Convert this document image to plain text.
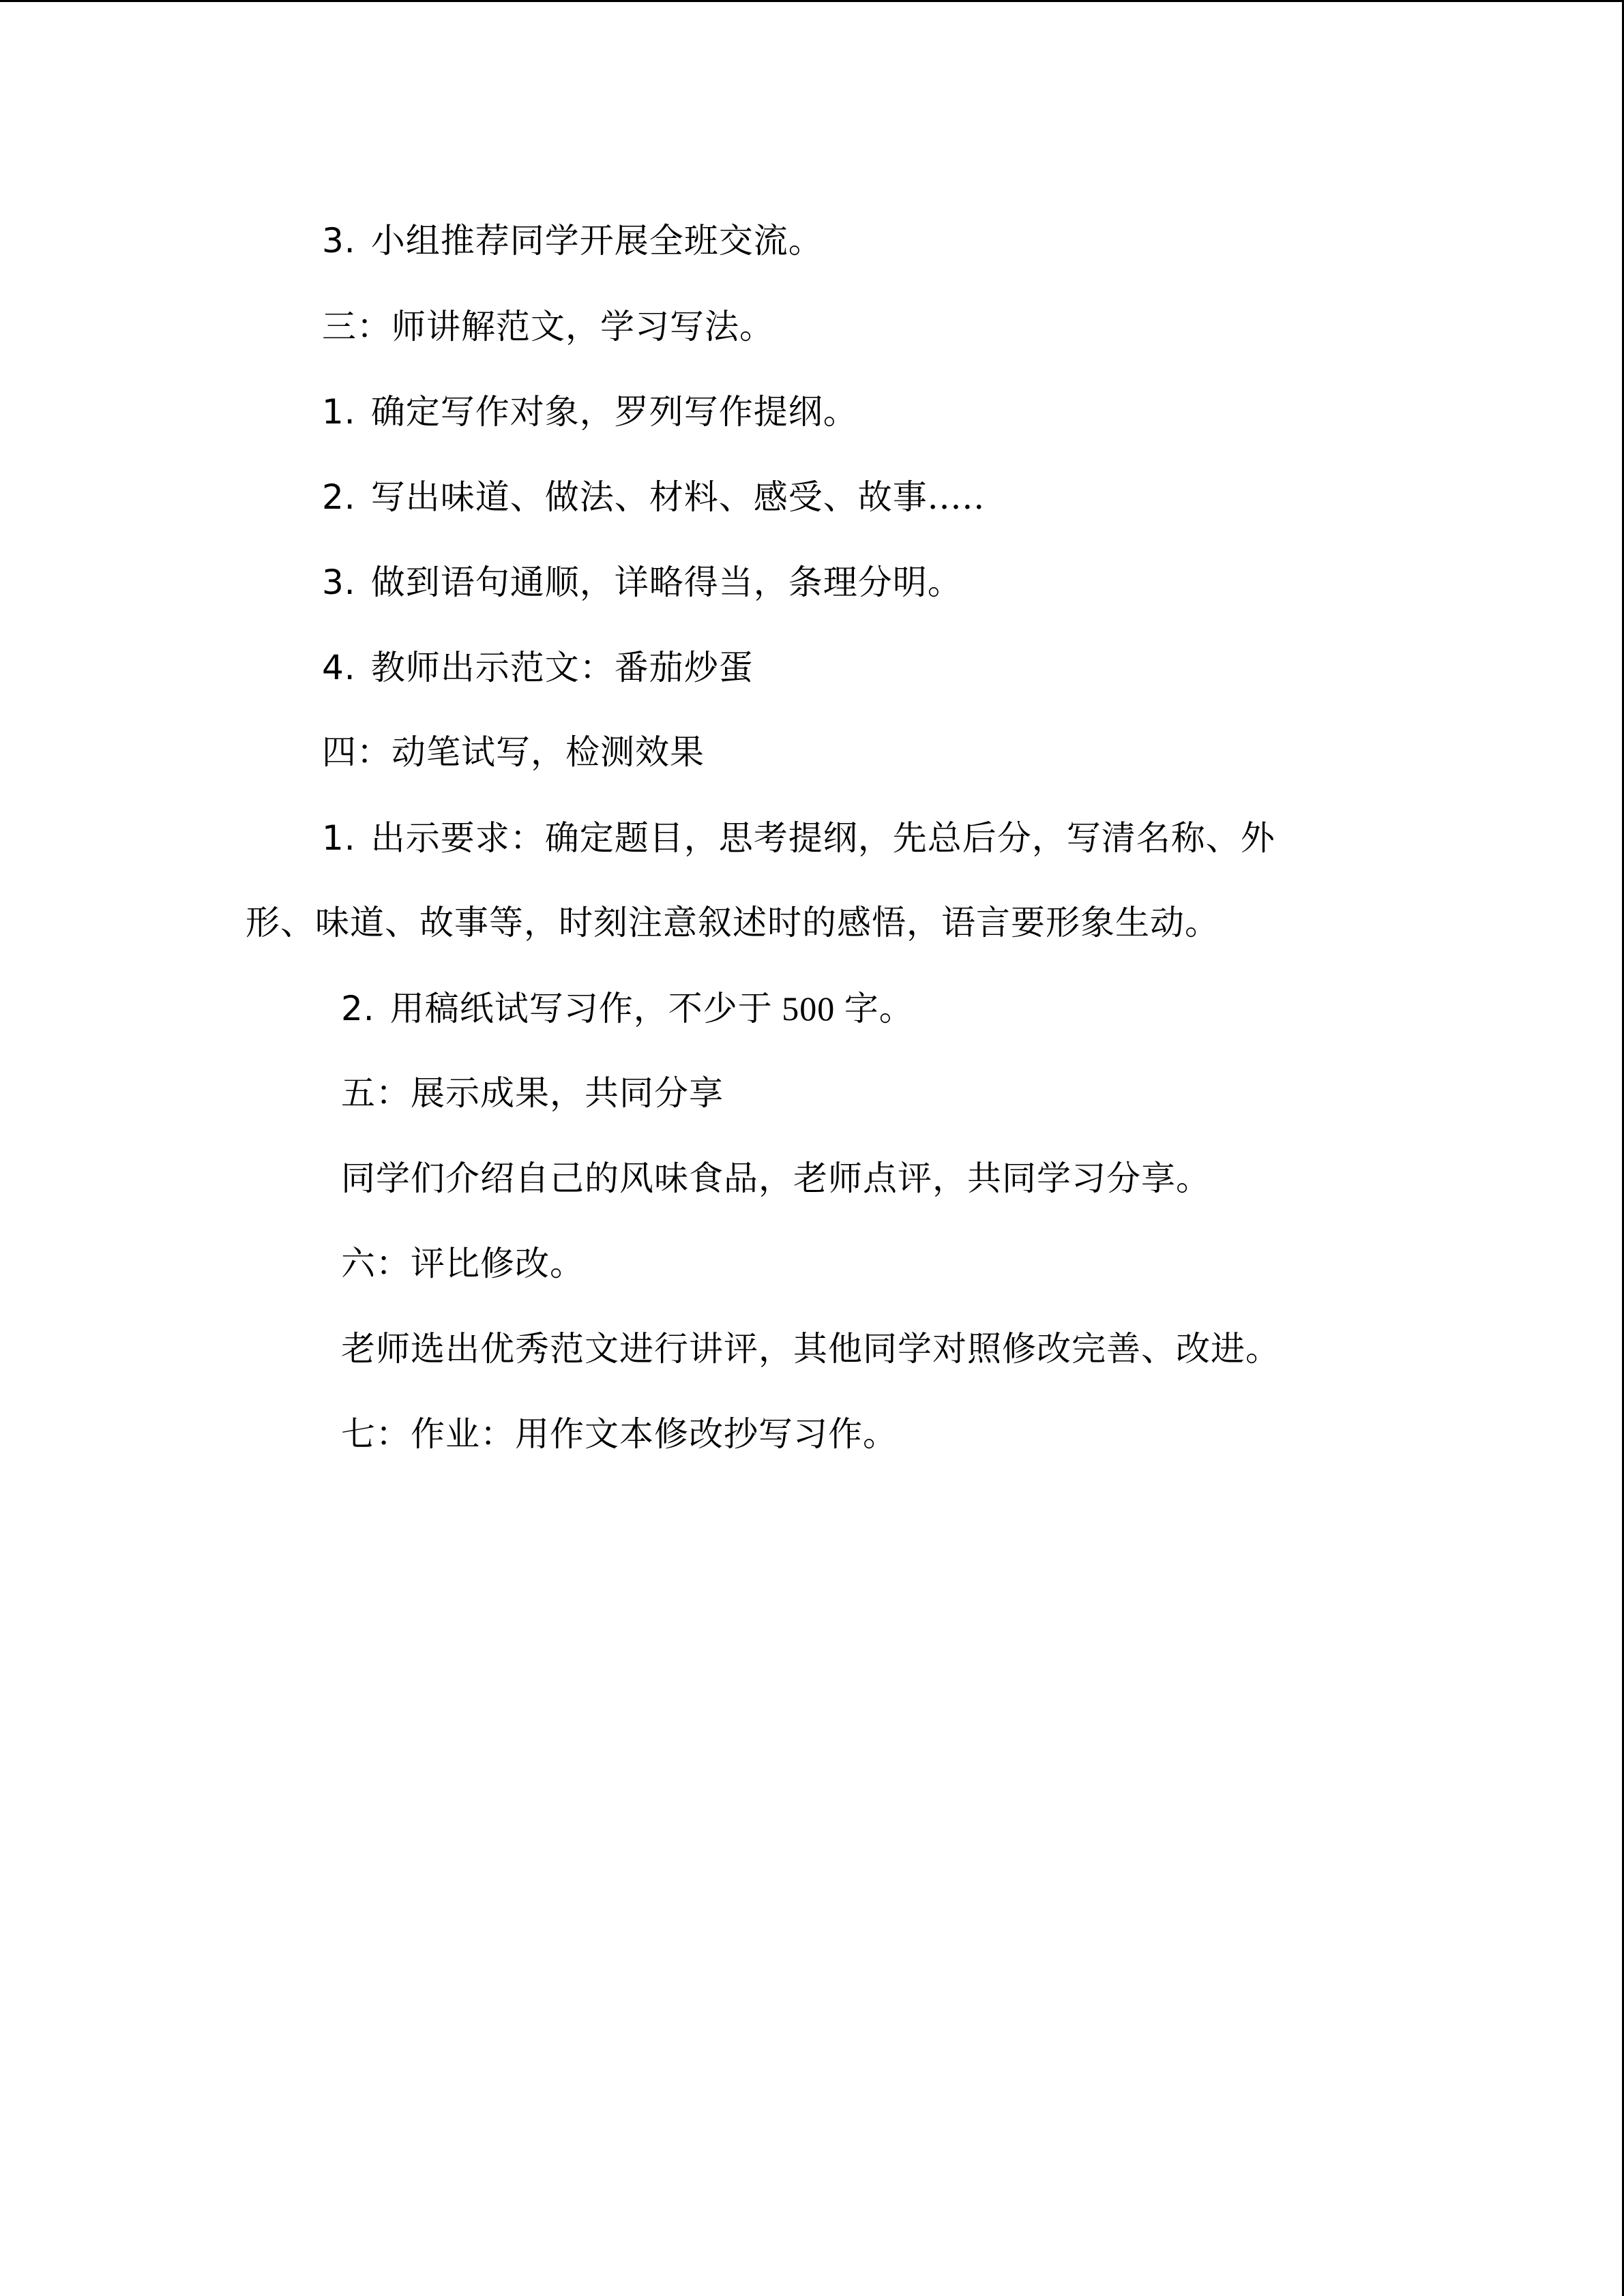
3. 小组推荐同学开展全班交流。
三：师讲解范文，学习写法。
1. 确定写作对象，罗列写作提纲。
2. 写出味道、做法、材料、感受、故事.....
3. 做到语句通顺，详略得当，条理分明。
4. 教师出示范文：番茄炒蛋
四：动笔试写，检测效果
1. 出示要求：确定题目，思考提纲，先总后分，写清名称、外
形、味道、故事等，时刻注意叙述时的感悟，语言要形象生动。
2. 用稿纸试写习作，不少于 500 字。
五：展示成果，共同分享
同学们介绍自己的风味食品，老师点评，共同学习分享。
六：评比修改。
老师选出优秀范文进行讲评，其他同学对照修改完善、改进。
七：作业：用作文本修改抄写习作。
